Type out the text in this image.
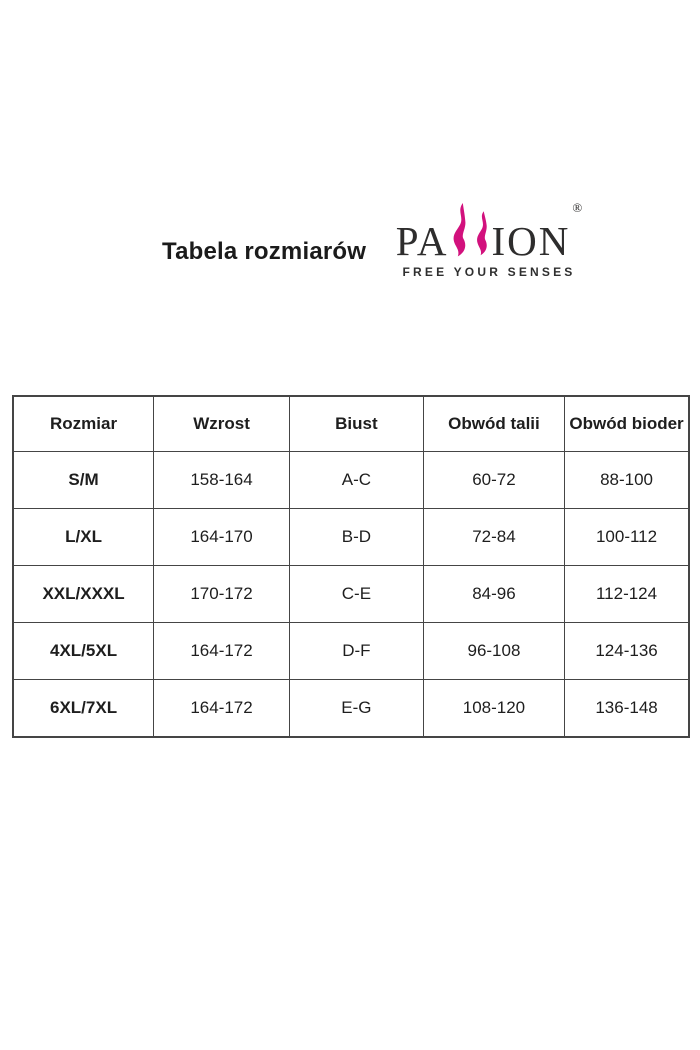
Tabela rozmiarów PA ION
®
FREE YOUR SENSES
Rozmiar	Wzrost	Biust	Obwód talii	Obwód bioder
S/M	158-164	A-C	60-72	88-100
L/XL	164-170	B-D	72-84	100-112
XXL/XXXL	170-172	C-E	84-96	112-124
4XL/5XL	164-172	D-F	96-108	124-136
6XL/7XL	164-172	E-G	108-120	136-148
